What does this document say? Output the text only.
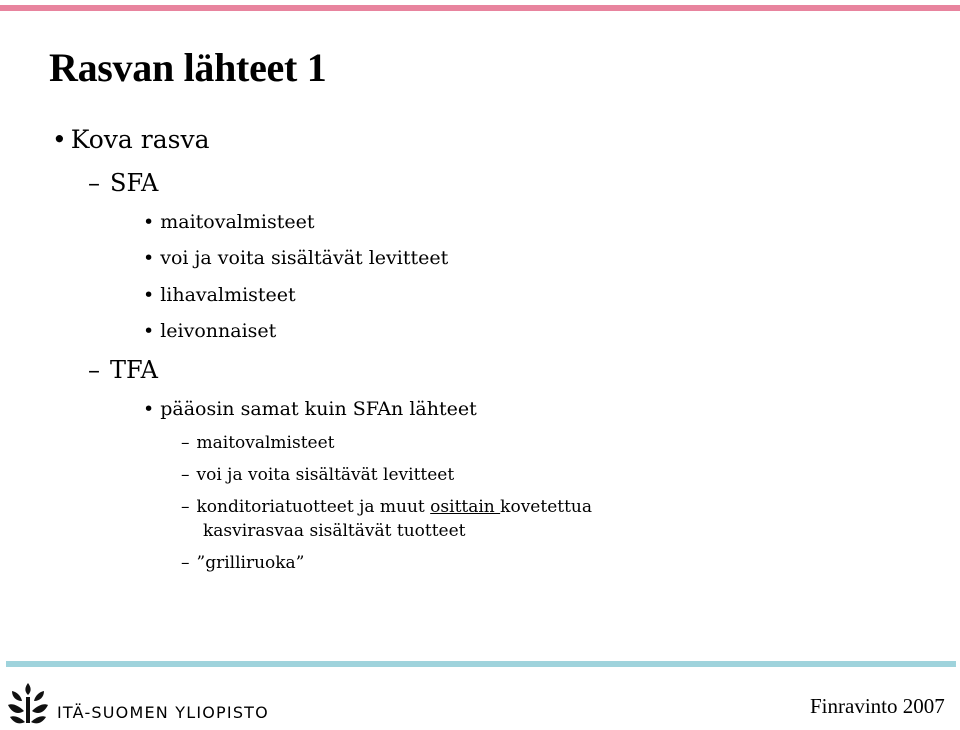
Rasvan lähteet 1
• Kova rasva
– SFA
• maitovalmisteet
• voi ja voita sisältävät levitteet
• lihavalmisteet
• leivonnaiset
– TFA
• pääosin samat kuin SFAn lähteet
– maitovalmisteet
– voi ja voita sisältävät levitteet
– konditoriatuotteet ja muut osittain kovetettua
kasvirasvaa sisältävät tuotteet
– ”grilliruoka”
ITÄ-SUOMEN YLIOPISTO	Finravinto 2007
